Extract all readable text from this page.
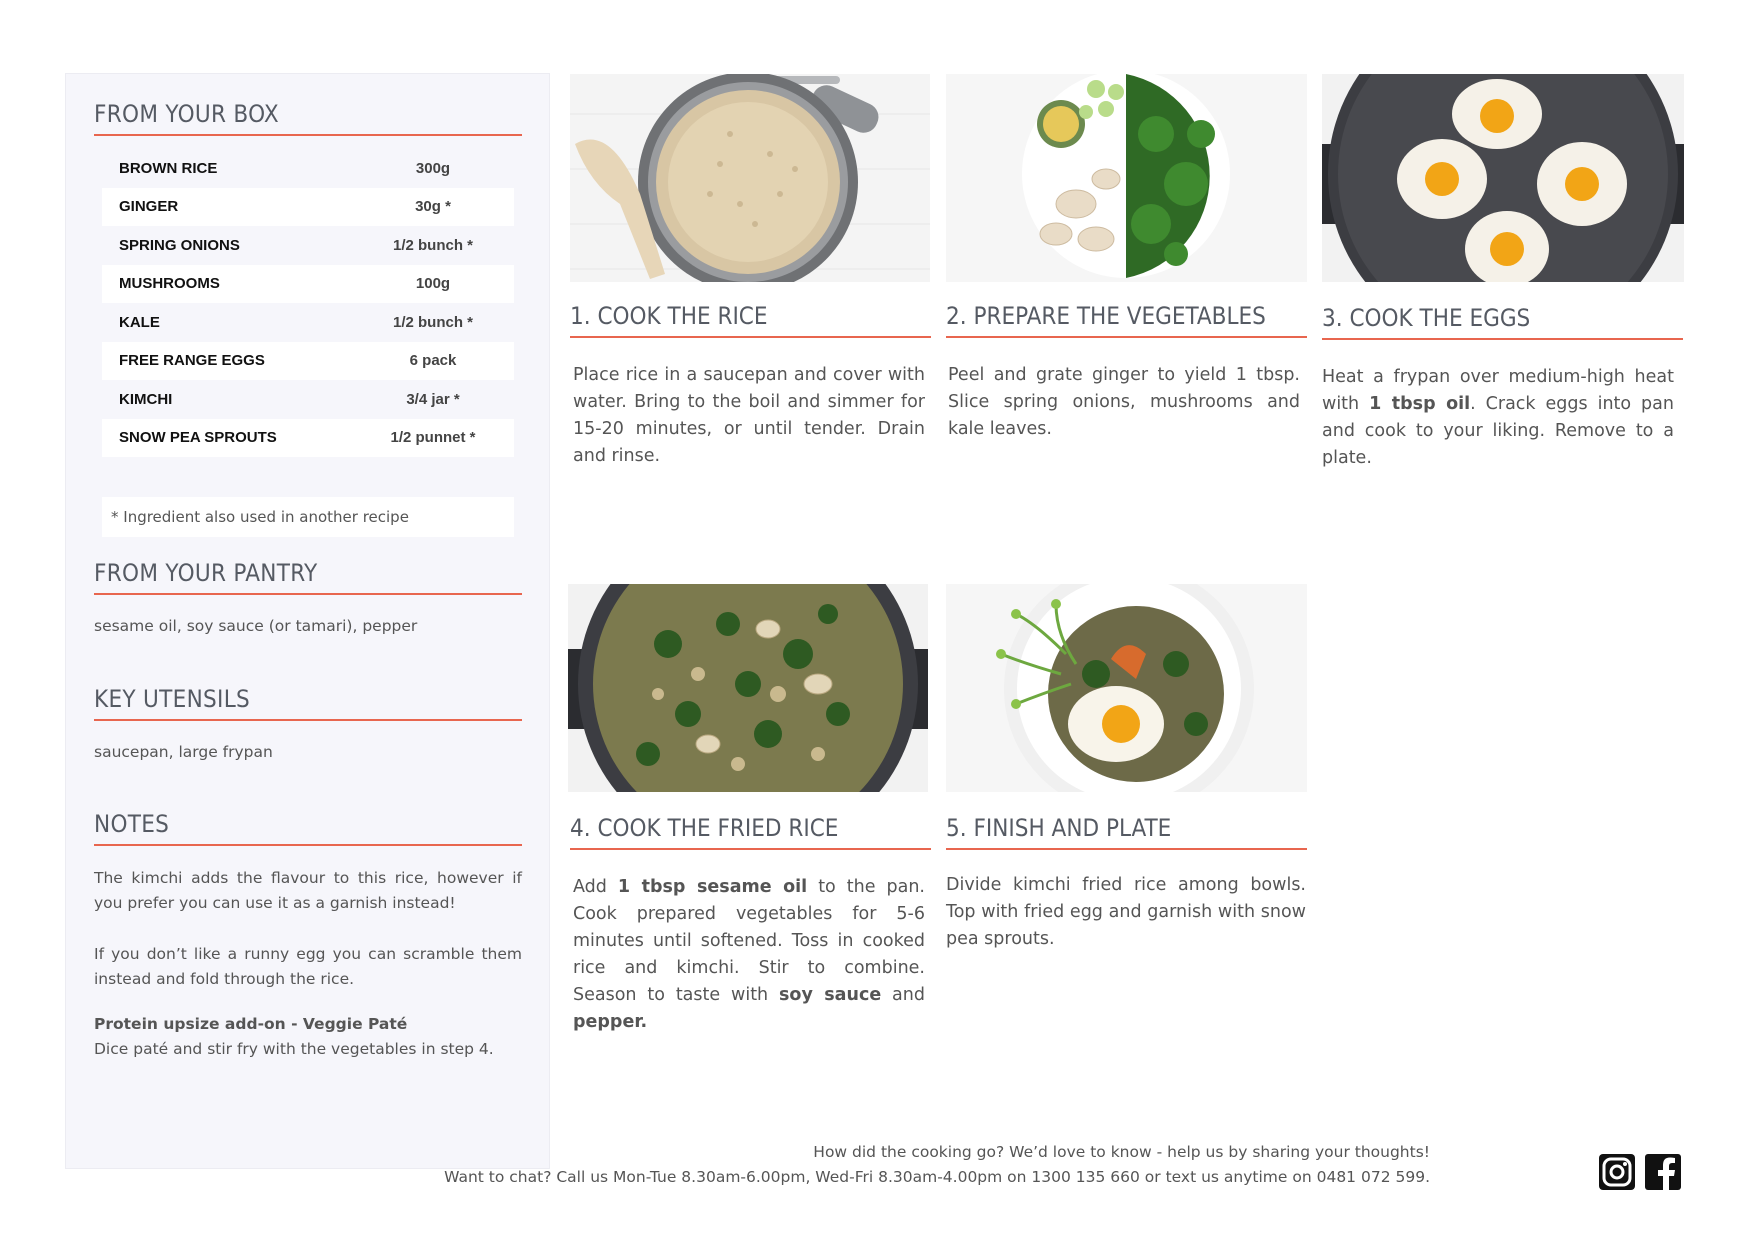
FROM YOUR BOX
BROWN RICE	300g
GINGER	30g *
SPRING ONIONS	1/2 bunch *
MUSHROOMS	100g
KALE	1/2 bunch *
FREE RANGE EGGS	6 pack
KIMCHI	3/4 jar *
SNOW PEA SPROUTS	1/2 punnet *
* Ingredient also used in another recipe
FROM YOUR PANTRY
sesame oil, soy sauce (or tamari), pepper
KEY UTENSILS
saucepan, large frypan
NOTES
The kimchi adds the flavour to this rice, however if you prefer you can use it as a garnish instead!
If you don’t like a runny egg you can scramble them instead and fold through the rice.
Protein upsize add-on - Veggie Paté
Dice paté and stir fry with the vegetables in step 4.
1. COOK THE RICE
Place rice in a saucepan and cover with water. Bring to the boil and simmer for 15-20 minutes, or until tender. Drain and rinse.
2. PREPARE THE VEGETABLES
Peel and grate ginger to yield 1 tbsp. Slice spring onions, mushrooms and kale leaves.
3. COOK THE EGGS
Heat a frypan over medium-high heat with 1 tbsp oil. Crack eggs into pan and cook to your liking. Remove to a plate.
4. COOK THE FRIED RICE
Add 1 tbsp sesame oil to the pan. Cook prepared vegetables for 5-6 minutes until softened. Toss in cooked rice and kimchi. Stir to combine. Season to taste with soy sauce and pepper.
5. FINISH AND PLATE
Divide kimchi fried rice among bowls. Top with fried egg and garnish with snow pea sprouts.
How did the cooking go? We’d love to know - help us by sharing your thoughts!
Want to chat? Call us Mon-Tue 8.30am-6.00pm, Wed-Fri 8.30am-4.00pm on 1300 135 660 or text us anytime on 0481 072 599.
